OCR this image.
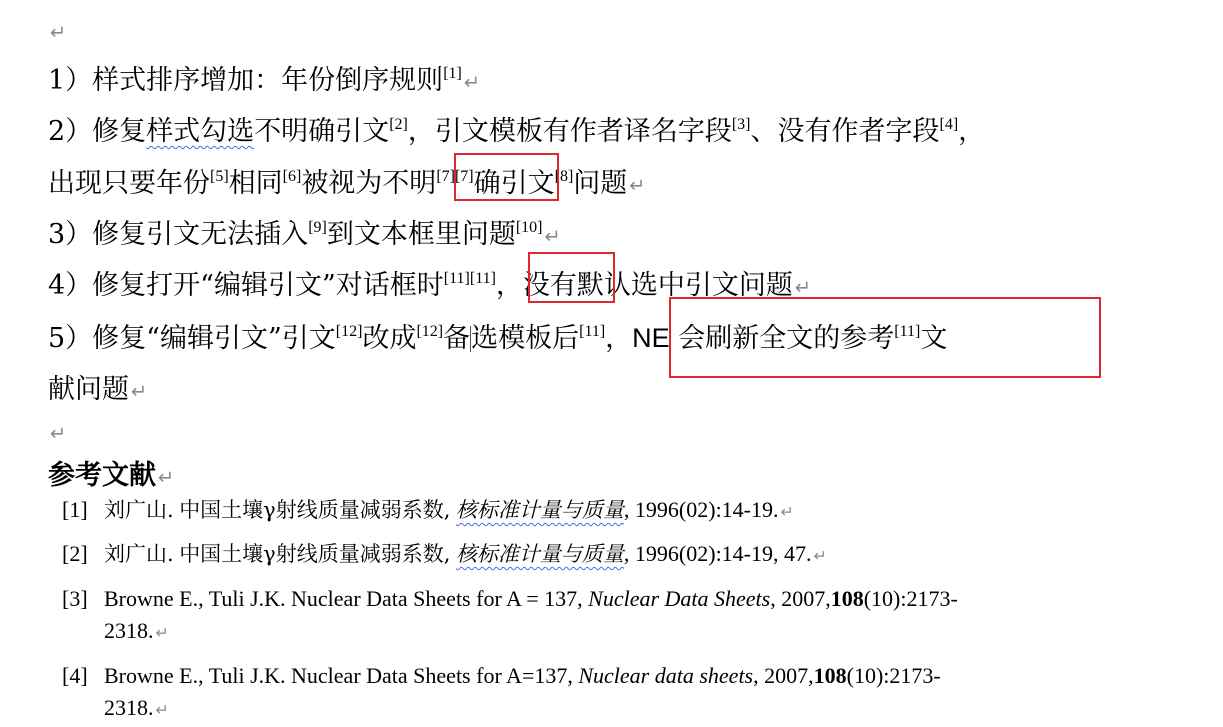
↵
1）样式排序增加：年份倒序规则[1] ↵
2）修复样式勾选不明确引文[2]，引文模板有作者译名字段[3]、没有作者字段[4]，
出现只要年份[5]相同[6]被视为不明[7][7]确引文[8]问题 ↵
3）修复引文无法插入[9]到文本框里问题[10] ↵
4）修复打开“编辑引文”对话框时[11][11]，没有默认选中引文问题 ↵
5）修复“编辑引文”引文[12]改成[12]备选模板后[11]，NE 会刷新全文的参考[11]文
献问题 ↵
↵
参考文献 ↵
[1] 刘广山. 中国土壤γ射线质量减弱系数, 核标准计量与质量, 1996(02):14-19. ↵
[2] 刘广山. 中国土壤γ射线质量减弱系数, 核标准计量与质量, 1996(02):14-19, 47. ↵
[3] Browne E., Tuli J.K. Nuclear Data Sheets for A = 137, Nuclear Data Sheets, 2007,108(10):2173-
2318. ↵
[4] Browne E., Tuli J.K. Nuclear Data Sheets for A=137, Nuclear data sheets, 2007,108(10):2173-
2318. ↵
